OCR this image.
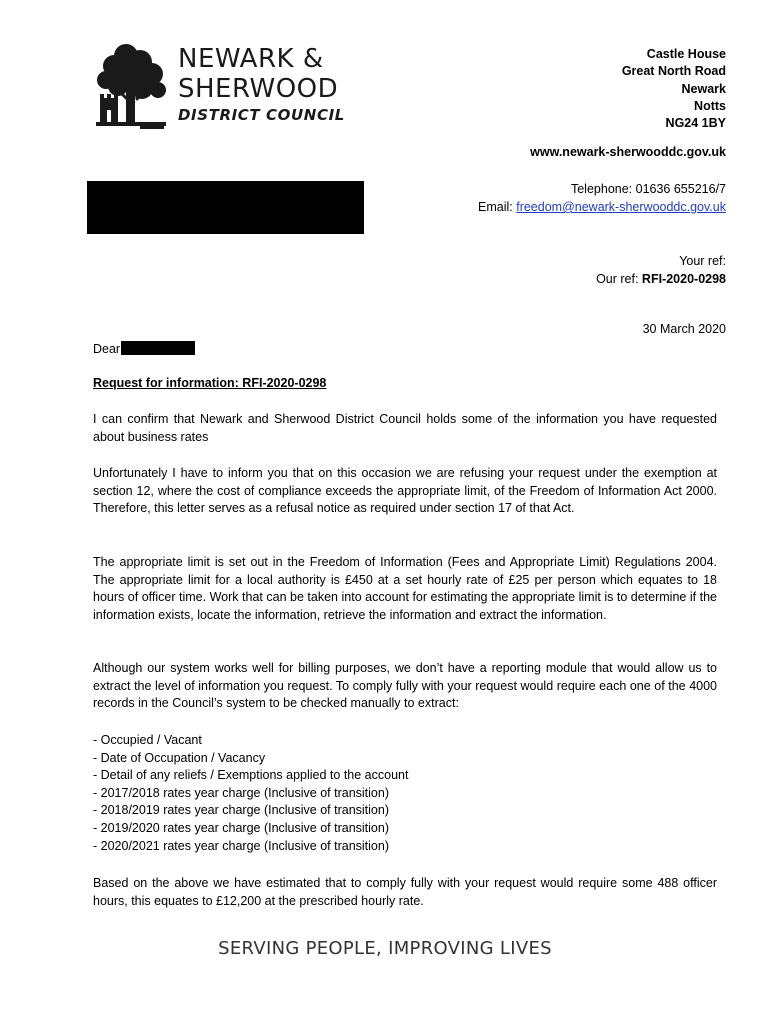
NEWARK &
SHERWOOD
DISTRICT COUNCIL
Castle House
Great North Road
Newark
Notts
NG24 1BY
www.newark-sherwooddc.gov.uk
Telephone: 01636 655216/7
Email: freedom@newark-sherwooddc.gov.uk
Your ref:
Our ref: RFI-2020-0298
30 March 2020
Dear
Request for information: RFI-2020-0298
I can confirm that Newark and Sherwood District Council holds some of the information you have requested about business rates
Unfortunately I have to inform you that on this occasion we are refusing your request under the exemption at section 12, where the cost of compliance exceeds the appropriate limit, of the Freedom of Information Act 2000. Therefore, this letter serves as a refusal notice as required under section 17 of that Act.
The appropriate limit is set out in the Freedom of Information (Fees and Appropriate Limit) Regulations 2004. The appropriate limit for a local authority is £450 at a set hourly rate of £25 per person which equates to 18 hours of officer time. Work that can be taken into account for estimating the appropriate limit is to determine if the information exists, locate the information, retrieve the information and extract the information.
Although our system works well for billing purposes, we don’t have a reporting module that would allow us to extract the level of information you request. To comply fully with your request would require each one of the 4000 records in the Council’s system to be checked manually to extract:
- Occupied / Vacant
- Date of Occupation / Vacancy
- Detail of any reliefs / Exemptions applied to the account
- 2017/2018 rates year charge (Inclusive of transition)
- 2018/2019 rates year charge (Inclusive of transition)
- 2019/2020 rates year charge (Inclusive of transition)
- 2020/2021 rates year charge (Inclusive of transition)
Based on the above we have estimated that to comply fully with your request would require some 488 officer hours, this equates to £12,200 at the prescribed hourly rate.
SERVING PEOPLE, IMPROVING LIVES
